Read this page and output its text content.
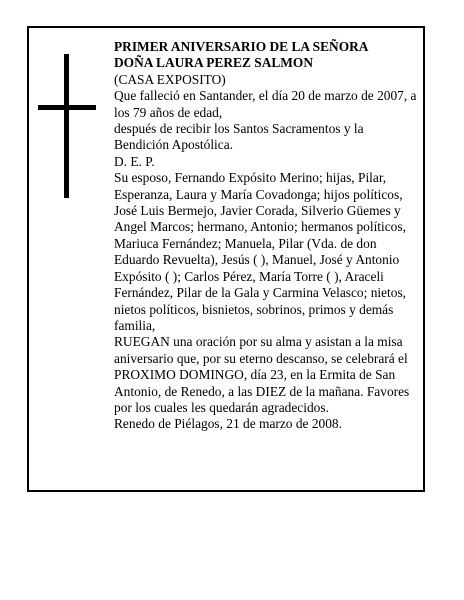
PRIMER ANIVERSARIO DE LA SEÑORA

DOÑA LAURA PEREZ SALMON

(CASA EXPOSITO)

Que falleció en Santander, el día 20 de marzo de 2007, a los 79 años de edad,

después de recibir los Santos Sacramentos y la Bendición Apostólica.

D. E. P.

Su esposo, Fernando Expósito Merino; hijas, Pilar, Esperanza, Laura y María Covadonga; hijos políticos, José Luis Bermejo, Javier Corada, Silverio Güemes y Angel Marcos; hermano, Antonio; hermanos políticos, Mariuca Fernández; Manuela, Pilar (Vda. de don Eduardo Revuelta), Jesús ( ), Manuel, José y Antonio Expósito ( ); Carlos Pérez, María Torre ( ), Araceli Fernández, Pilar de la Gala y Carmina Velasco; nietos, nietos políticos, bisnietos, sobrinos, primos y demás familia,

RUEGAN una oración por su alma y asistan a la misa aniversario que, por su eterno descanso, se celebrará el PROXIMO DOMINGO, día 23, en la Ermita de San Antonio, de Renedo, a las DIEZ de la mañana. Favores por los cuales les quedarán agradecidos.

Renedo de Piélagos, 21 de marzo de 2008.
